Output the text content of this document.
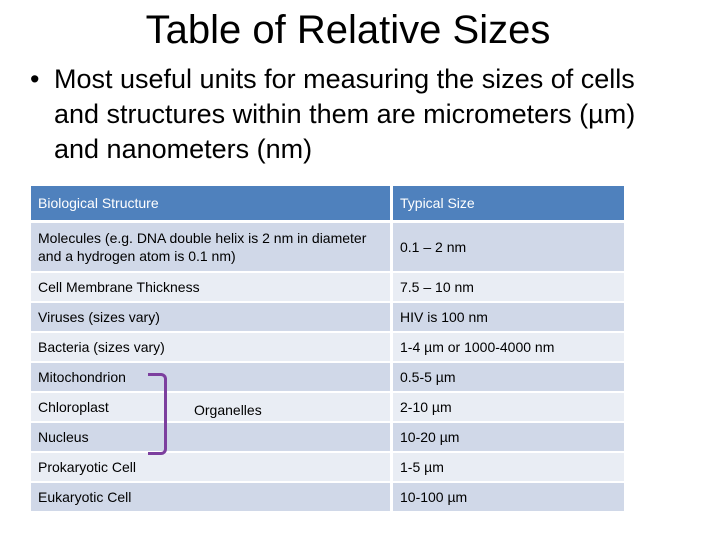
Table of Relative Sizes
• Most useful units for measuring the sizes of cells and structures within them are micrometers (µm) and nanometers (nm)
Biological Structure	Typical Size
Molecules (e.g. DNA double helix is 2 nm in diameter and a hydrogen atom is 0.1 nm)	0.1 – 2 nm
Cell Membrane Thickness	7.5 – 10 nm
Viruses (sizes vary)	HIV is 100 nm
Bacteria (sizes vary)	1-4 µm or 1000-4000 nm
Mitochondrion	0.5-5 µm
Chloroplast	2-10 µm
Nucleus	10-20 µm
Prokaryotic Cell	1-5 µm
Eukaryotic Cell	10-100 µm
Organelles
